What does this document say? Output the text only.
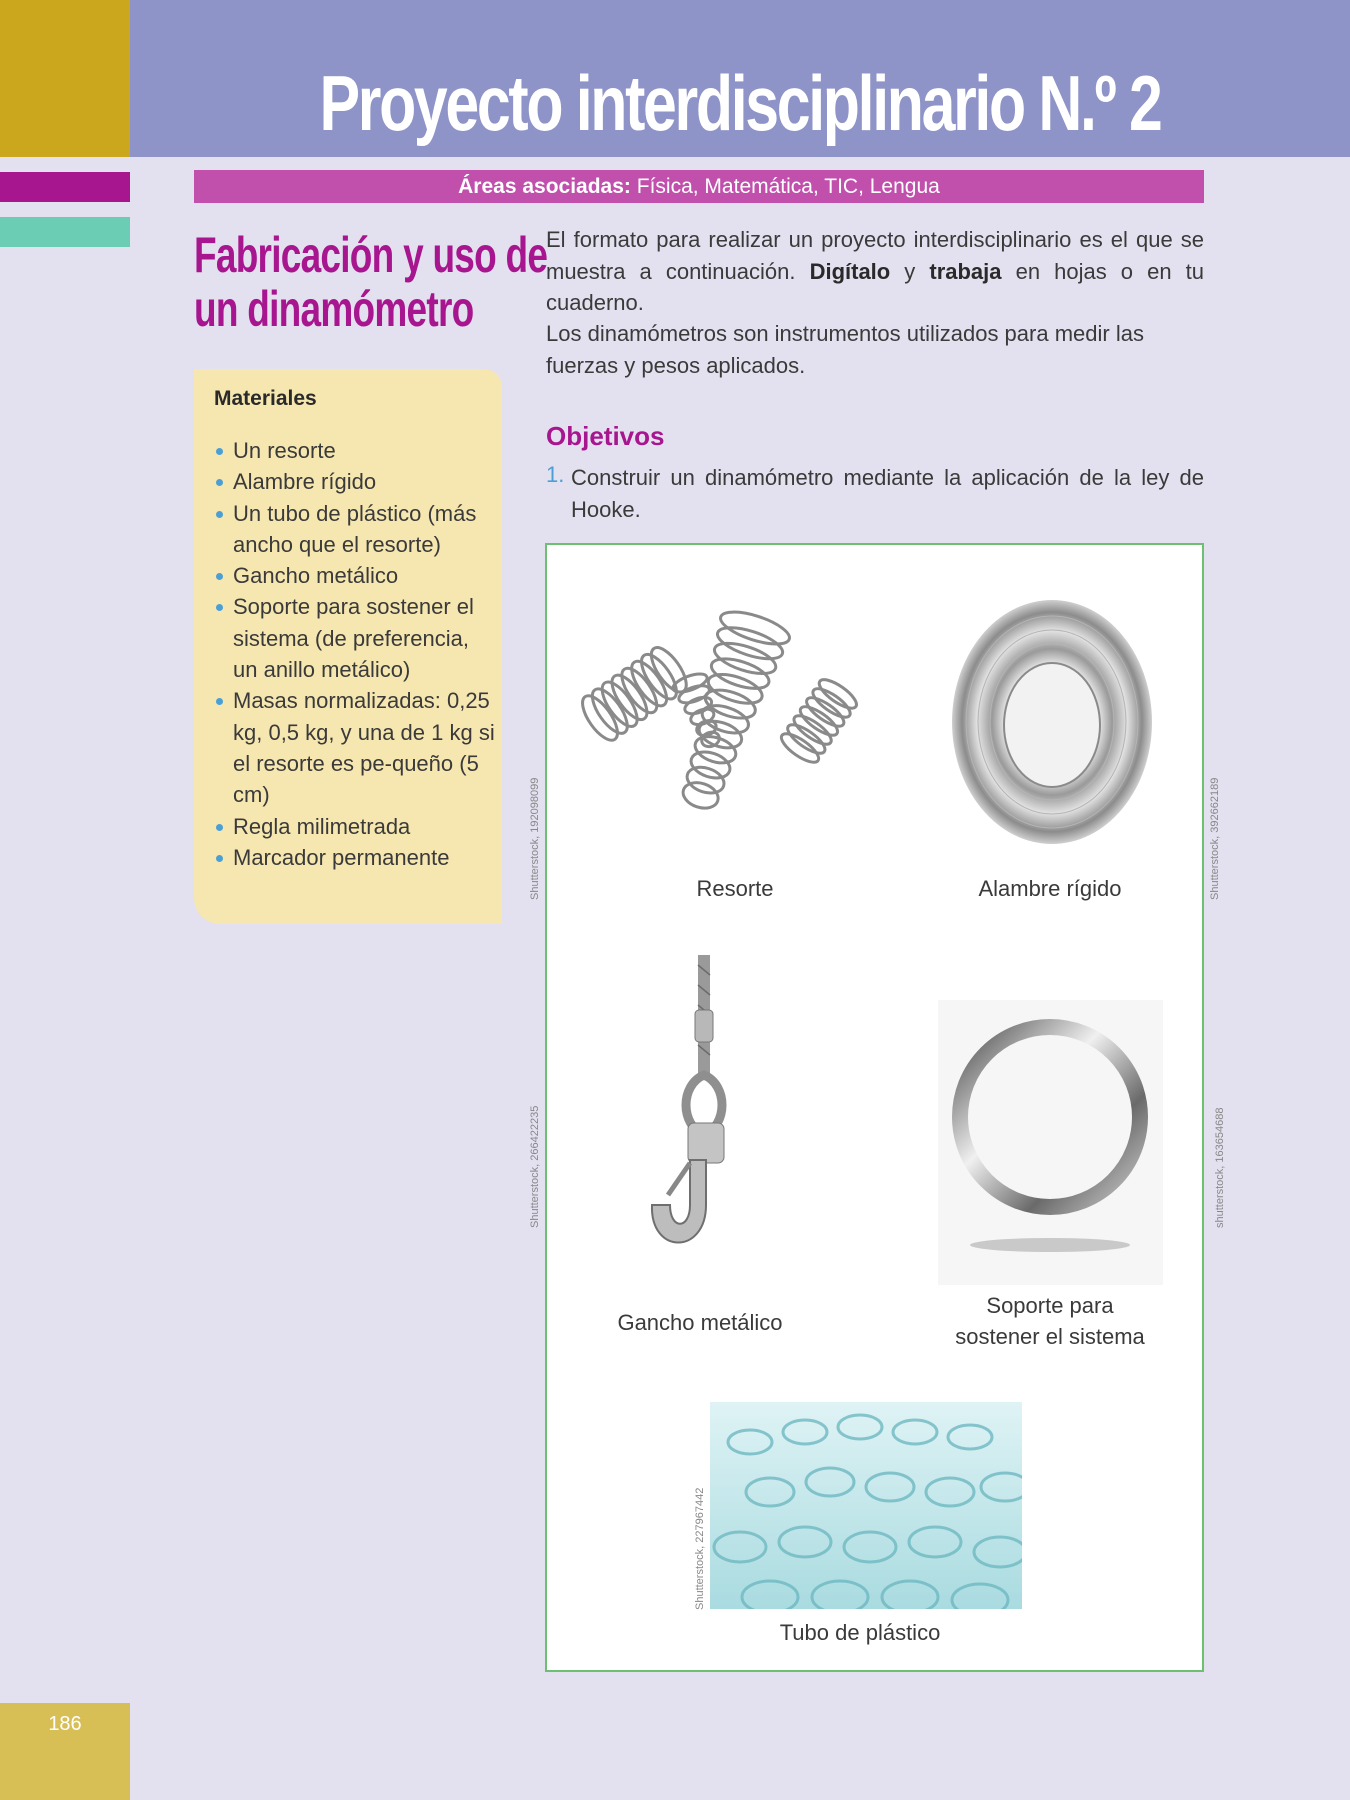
186
Proyecto interdisciplinario N.º 2
Áreas asociadas: Física, Matemática, TIC, Lengua
Fabricación y uso de
un dinamómetro
Materiales
Un resorte
Alambre rígido
Un tubo de plástico (más ancho que el resorte)
Gancho metálico
Soporte para sostener el sistema (de preferencia, un anillo metálico)
Masas normalizadas: 0,25 kg, 0,5 kg, y una de 1 kg si el resorte es pe-queño (5 cm)
Regla milimetrada
Marcador permanente
El formato para realizar un proyecto interdisciplinario es el que se muestra a continuación. Digítalo y trabaja en hojas o en tu cuaderno.
Los dinamómetros son instrumentos utilizados para medir las fuerzas y pesos aplicados.
Objetivos
1. Construir un dinamómetro mediante la aplicación de la ley de Hooke.
Resorte
Shutterstock, 192098099	Alambre rígido	Shutterstock, 392662189
Gancho metálico
Shutterstock, 266422235
Soporte para
sostener el sistema
shutterstock, 163654688
Tubo de plástico
Shutterstock, 227967442
